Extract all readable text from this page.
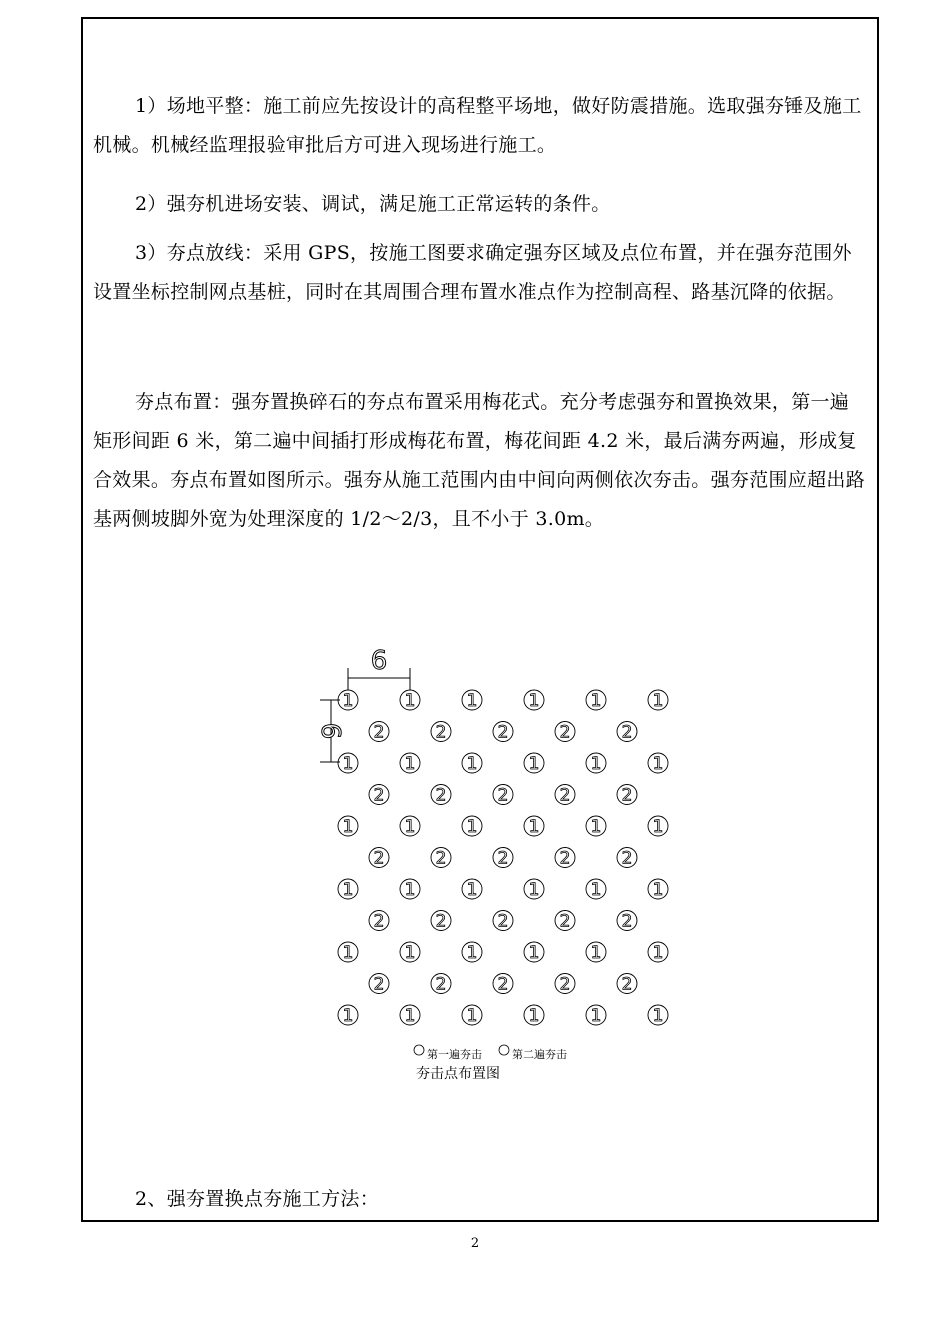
1）场地平整：施工前应先按设计的高程整平场地，做好防震措施。选取强夯锤及施工机械。机械经监理报验审批后方可进入现场进行施工。

2）强夯机进场安装、调试，满足施工正常运转的条件。

3）夯点放线：采用 GPS，按施工图要求确定强夯区域及点位布置，并在强夯范围外设置坐标控制网点基桩，同时在其周围合理布置水准点作为控制高程、路基沉降的依据。

夯点布置：强夯置换碎石的夯点布置采用梅花式。充分考虑强夯和置换效果，第一遍矩形间距 6 米，第二遍中间插打形成梅花布置，梅花间距 4.2 米，最后满夯两遍，形成复合效果。夯点布置如图所示。强夯从施工范围内由中间向两侧依次夯击。强夯范围应超出路基两侧坡脚外宽为处理深度的 1/2～2/3，且不小于 3.0m。

2、强夯置换点夯施工方法：

1	1	1	1	1	1
1	1	1	1	1	1
1	1	1	1	1	1
1	1	1	1	1	1
1	1	1	1	1	1
1	1	1	1	1	1
2	2	2	2	2
2	2	2	2	2
2	2	2	2	2
2	2	2	2	2
2	2	2	2	2
6
6
第一遍夯击	第二遍夯击
夯击点布置图
2
